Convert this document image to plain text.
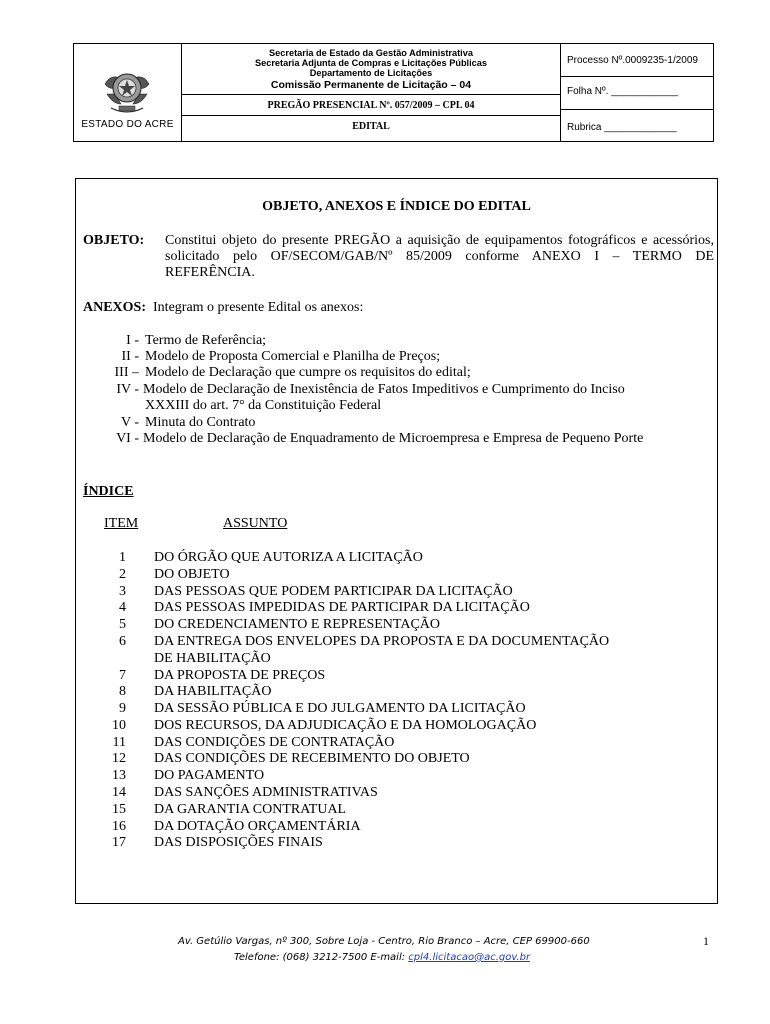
ESTADO DO ACRE
Secretaria de Estado da Gestão Administrativa
Secretaria Adjunta de Compras e Licitações Públicas
Departamento de Licitações
Comissão Permanente de Licitação – 04
PREGÃO PRESENCIAL Nº. 057/2009 – CPL 04
EDITAL
Processo Nº.0009235-1/2009
Folha Nº. ____________
Rubrica _____________
OBJETO, ANEXOS E ÍNDICE DO EDITAL
OBJETO: Constitui objeto do presente PREGÃO a aquisição de equipamentos fotográficos e acessórios, solicitado pelo OF/SECOM/GAB/Nº 85/2009 conforme ANEXO I – TERMO DE REFERÊNCIA.
ANEXOS: Integram o presente Edital os anexos:
I - Termo de Referência;
II - Modelo de Proposta Comercial e Planilha de Preços;
III – Modelo de Declaração que cumpre os requisitos do edital;
IV - Modelo de Declaração de Inexistência de Fatos Impeditivos e Cumprimento do Inciso
XXXIII do art. 7° da Constituição Federal
V - Minuta do Contrato
VI - Modelo de Declaração de Enquadramento de Microempresa e Empresa de Pequeno Porte
ÍNDICE
ITEM	ASSUNTO
1 DO ÓRGÃO QUE AUTORIZA A LICITAÇÃO
2 DO OBJETO
3 DAS PESSOAS QUE PODEM PARTICIPAR DA LICITAÇÃO
4 DAS PESSOAS IMPEDIDAS DE PARTICIPAR DA LICITAÇÃO
5 DO CREDENCIAMENTO E REPRESENTAÇÃO
6 DA ENTREGA DOS ENVELOPES DA PROPOSTA E DA DOCUMENTAÇÃO
DE HABILITAÇÃO
7 DA PROPOSTA DE PREÇOS
8 DA HABILITAÇÃO
9 DA SESSÃO PÚBLICA E DO JULGAMENTO DA LICITAÇÃO
10 DOS RECURSOS, DA ADJUDICAÇÃO E DA HOMOLOGAÇÃO
11 DAS CONDIÇÕES DE CONTRATAÇÃO
12 DAS CONDIÇÕES DE RECEBIMENTO DO OBJETO
13 DO PAGAMENTO
14 DAS SANÇÕES ADMINISTRATIVAS
15 DA GARANTIA CONTRATUAL
16 DA DOTAÇÃO ORÇAMENTÁRIA
17 DAS DISPOSIÇÕES FINAIS
Av. Getúlio Vargas, nº 300, Sobre Loja - Centro, Rio Branco – Acre, CEP 69900-660
Telefone: (068) 3212-7500 E-mail: cpl4.licitacao@ac.gov.br
1
